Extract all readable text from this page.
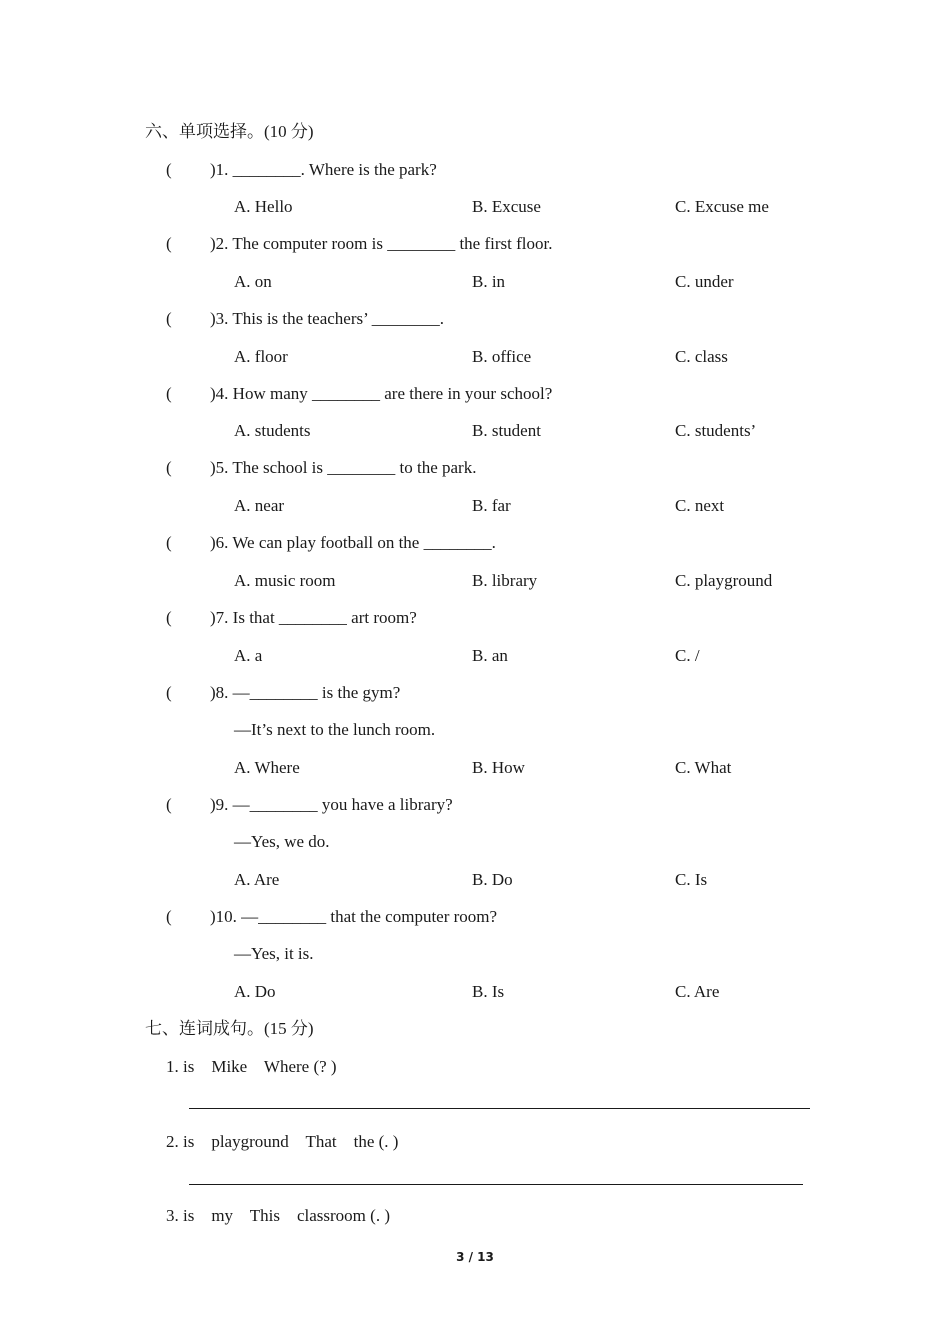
六、单项选择。(10 分)
( )1. ________. Where is the park?
A. Hello	B. Excuse	C. Excuse me
( )2. The computer room is ________ the first floor.
A. on	B. in	C. under
( )3. This is the teachers’ ________.
A. floor	B. office	C. class
( )4. How many ________ are there in your school?
A. students	B. student	C. students’
( )5. The school is ________ to the park.
A. near	B. far	C. next
( )6. We can play football on the ________.
A. music room	B. library	C. playground
( )7. Is that ________ art room?
A. a	B. an	C. /
( )8. —________ is the gym?
—It’s next to the lunch room.
A. Where	B. How	C. What
( )9. —________ you have a library?
—Yes, we do.
A. Are	B. Do	C. Is
( )10. —________ that the computer room?
—Yes, it is.
A. Do	B. Is	C. Are
七、连词成句。(15 分)
1. is    Mike    Where (? )
2. is    playground    That    the (. )
3. is    my    This    classroom (. )
3 / 13
